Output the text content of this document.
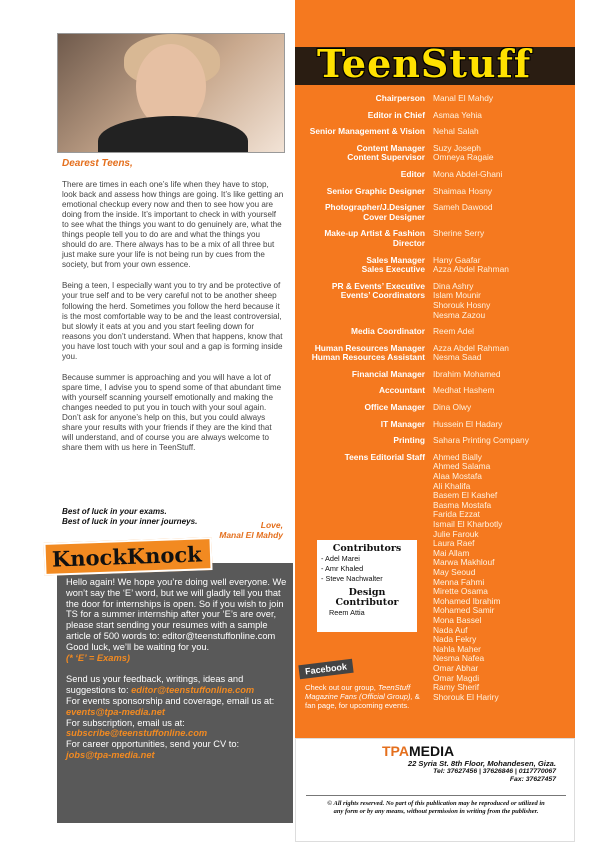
Dearest Teens,

There are times in each one’s life when they have to stop, look back and assess how things are going. It’s like getting an emotional checkup every now and then to see how you are doing from the inside. It’s important to check in with yourself to see what the things you want to do genuinely are, what the things people tell you to do are and what the things you should do are. There always has to be a mix of all three but just make sure your life is not being run by cues from the society, but from your own essence.

Being a teen, I especially want you to try and be protective of your true self and to be very careful not to be another sheep following the herd. Sometimes you follow the herd because it is the most comfortable way to be and the least controversial, but slowly it eats at you and you start feeling down for reasons you don’t understand. When that happens, know that you have lost touch with your soul and a gap is forming inside you.

Because summer is approaching and you will have a lot of spare time, I advise you to spend some of that abundant time with yourself scanning yourself emotionally and making the changes needed to put you in touch with your soul again. Don’t ask for anyone’s help on this, but you could always share your results with your friends if they are the kind that will understand, and of course you are always welcome to share them with us here in TeenStuff.

Best of luck in your exams.
Best of luck in your inner journeys.	Love,
Manal El Mahdy
KnockKnock
Hello again! We hope you’re doing well everyone. We won’t say the ‘E’ word, but we will gladly tell you that the door for internships is open. So if you wish to join TS for a summer internship after your ‘E’s are over, please start sending your resumes with a sample article of 500 words to: editor@teenstuffonline.com Good luck, we’ll be waiting for you.
(* ‘E’ = Exams)
Send us your feedback, writings, ideas and suggestions to: editor@teenstuffonline.com
For events sponsorship and coverage, email us at: events@tpa-media.net
For subscription, email us at:
subscribe@teenstuffonline.com
For career opportunities, send your CV to:
jobs@tpa-media.net
TeenStuff
Chairperson Manal El Mahdy
Editor in Chief Asmaa Yehia
Senior Management & Vision Nehal Salah
Content Manager
Content Supervisor
Suzy Joseph
Omneya Ragaie
Editor Mona Abdel-Ghani
Senior Graphic Designer Shaimaa Hosny
Photographer/J.Designer
Cover Designer
Sameh Dawood
Make-up Artist & Fashion Director
Sherine Serry
Sales Manager
Sales Executive
Hany Gaafar
Azza Abdel Rahman
PR & Events’ Executive
Events’ Coordinators
Dina Ashry
Islam Mounir
Shorouk Hosny
Nesma Zazou
Media Coordinator Reem Adel
Human Resources Manager
Human Resources Assistant
Azza Abdel Rahman
Nesma Saad
Financial Manager Ibrahim Mohamed
Accountant Medhat Hashem
Office Manager Dina Olwy
IT Manager Hussein El Hadary
Printing Sahara Printing Company
Teens Editorial Staff Ahmed Bially
Ahmed Salama
Alaa Mostafa
Ali Khalifa
Basem El Kashef
Basma Mostafa
Farida Ezzat
Ismail El Kharbotly
Julie Farouk
Laura Raef
Mai Allam
Marwa Makhlouf
May Seoud
Menna Fahmi
Mirette Osama
Mohamed Ibrahim
Mohamed Samir
Mona Bassel
Nada Auf
Nada Fekry
Nahla Maher
Nesma Nafea
Omar Abhar
Omar Magdi
Ramy Sherif
Shorouk El Hariry
Contributors
- Adel Marei
- Amr Khaled
- Steve Nachwalter
Design Contributor
Reem Attia
Facebook
Check out our group, TeenStuff Magazine Fans (Official Group), & fan page, for upcoming events.
TPAMEDIA
22 Syria St. 8th Floor, Mohandesen, Giza.
Tel: 37627456 | 37626846 | 0117770067
Fax: 37627457
© All rights reserved. No part of this publication may be reproduced or utilized in any form or by any means, without permission in writing from the publisher.
